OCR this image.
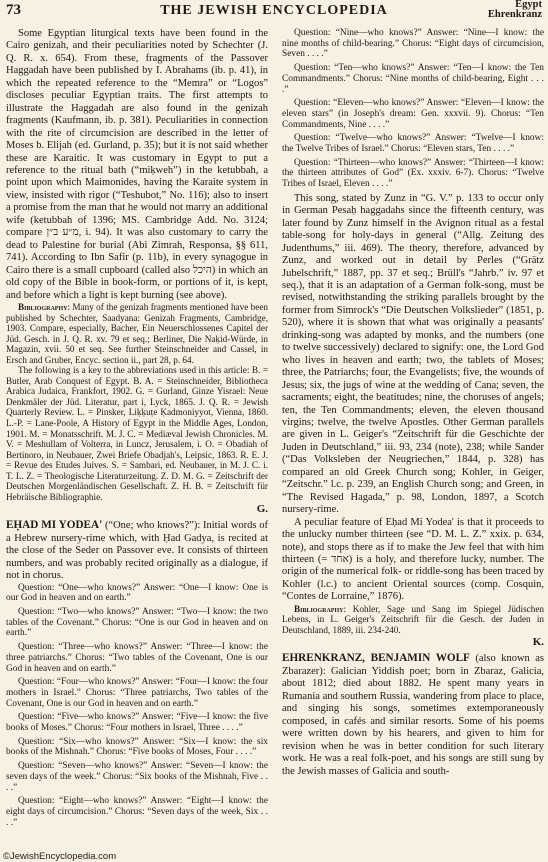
73	THE JEWISH ENCYCLOPEDIA	Egypt
Ehrenkranz

Some Egyptian liturgical texts have been found in the Cairo genizah, and their peculiarities noted by Schechter (J. Q. R. x. 654). From these, fragments of the Passover Haggadah have been published by I. Abrahams (ib. p. 41), in which the repeated reference to the “Memra” or “Logos” discloses peculiar Egyptian traits. The first attempts to illustrate the Haggadah are also found in the genizah fragments (Kaufmann, ib. p. 381). Peculiarities in connection with the rite of circumcision are described in the letter of Moses b. Elijah (ed. Gurland, p. 35); but it is not said whether these are Karaitic. It was customary in Egypt to put a reference to the ritual bath (“miḳweh”) in the ketubbah, a point upon which Maimonides, having the Karaite system in view, insisted with rigor (“Teshubot,” No. 116); also to insert a promise from the man that he would not marry an additional wife (ketubbah of 1396; MS. Cambridge Add. No. 3124; compare מ״ע ב״ן, i. 94). It was also customary to carry the dead to Palestine for burial (Abi Zimrah, Responsa, §§ 611, 741). According to Ibn Safir (p. 11b), in every synagogue in Cairo there is a small cupboard (called also היכל) in which an old copy of the Bible in book-form, or portions of it, is kept, and before which a light is kept burning (see above).

Bibliography: Many of the genizah fragments mentioned have been published by Schechter, Saadyana: Genizah Fragments, Cambridge, 1903. Compare, especially, Bacher, Ein Neuerschlossenes Capitel der Jüd. Gesch. in J. Q. R. xv. 79 et seq.; Berliner, Die Naḳid-Würde, in Magazin, xvii. 50 et seq. See further Steinschneider and Cassel, in Ersch and Gruber, Encyc. section ii., part 28, p. 64.

The following is a key to the abbreviations used in this article: B. = Butler, Arab Conquest of Egypt. B. A. = Steinschneider, Bibliotheca Arabica Judaica, Frankfort, 1902. G. = Gurland, Ginze Yisrael: Neue Denkmäler der Jüd. Literatur, part i, Lyck, 1865. J. Q. R. = Jewish Quarterly Review. L. = Pinsker, Liḳḳuṭe Ḳadmoniyyot, Vienna, 1860. L.-P. = Lane-Poole, A History of Egypt in the Middle Ages, London, 1901. M. = Monatsschrift. M. J. C. = Mediæval Jewish Chronicles. M. V. = Meshullam of Volterra, in Luncz, Jerusalem, i. O. = Obadiah of Bertinoro, in Neubauer, Zwei Briefe Obadjah's, Leipsic, 1863. R. E. J. = Revue des Etudes Juives. S. = Sambari, ed. Neubauer, in M. J. C. i. T. L. Z. = Theologische Literaturzeitung. Z. D. M. G. = Zeitschrift der Deutschen Morgenländischen Gesellschaft. Z. H. B. = Zeitschrift für Hebräische Bibliographie.

G.

EḤAD MI YODEA' (“One; who knows?”): Initial words of a Hebrew nursery-rime which, with Ḥad Gadya, is recited at the close of the Seder on Passover eve. It consists of thirteen numbers, and was probably recited originally as a dialogue, if not in chorus.

Question: “One—who knows?” Answer: “One—I know: One is our God in heaven and on earth.”

Question: “Two—who knows?” Answer: “Two—I know: the two tables of the Covenant.” Chorus: “One is our God in heaven and on earth.”

Question: “Three—who knows?” Answer: “Three—I know: the three patriarchs.” Chorus: “Two tables of the Covenant, One is our God in heaven and on earth.”

Question: “Four—who knows?” Answer: “Four—I know: the four mothers in Israel.” Chorus: “Three patriarchs, Two tables of the Covenant, One is our God in heaven and on earth.”

Question: “Five—who knows?” Answer: “Five—I know: the five books of Moses.” Chorus: “Four mothers in Israel, Three . . . .”

Question: “Six—who knows?” Answer: “Six—I know: the six books of the Mishnah.” Chorus: “Five books of Moses, Four . . . .”

Question: “Seven—who knows?” Answer: “Seven—I know: the seven days of the week.” Chorus: “Six books of the Mishnah, Five . . . .”

Question: “Eight—who knows?” Answer: “Eight—I know: the eight days of circumcision.” Chorus: “Seven days of the week, Six . . . .”

Question: “Nine—who knows?” Answer: “Nine—I know: the nine months of child-bearing.” Chorus: “Eight days of circumcision, Seven . . . .”

Question: “Ten—who knows?” Answer: “Ten—I know: the Ten Commandments.” Chorus: “Nine months of child-bearing, Eight . . . .”

Question: “Eleven—who knows?” Answer: “Eleven—I know: the eleven stars” (in Joseph's dream: Gen. xxxvii. 9). Chorus: “Ten Commandments, Nine . . . .”

Question: “Twelve—who knows?” Answer: “Twelve—I know: the Twelve Tribes of Israel.” Chorus: “Eleven stars, Ten . . . .”

Question: “Thirteen—who knows?” Answer: “Thirteen—I know: the thirteen attributes of God” (Ex. xxxiv. 6-7). Chorus: “Twelve Tribes of Israel, Eleven . . . .”

This song, stated by Zunz in “G. V.” p. 133 to occur only in German Pesaḥ haggadahs since the fifteenth century, was later found by Zunz himself in the Avignon ritual as a festal table-song for holy-days in general (“Allg. Zeitung des Judenthums,” iii. 469). The theory, therefore, advanced by Zunz, and worked out in detail by Perles (“Grätz Jubelschrift,” 1887, pp. 37 et seq.; Brüll's “Jahrb.” iv. 97 et seq.), that it is an adaptation of a German folk-song, must be revised, notwithstanding the striking parallels brought by the former from Simrock's “Die Deutschen Volkslieder” (1851, p. 520), where it is shown that what was originally a peasants' drinking-song was adapted by monks, and the numbers (one to twelve successively) declared to signify: one, the Lord God who lives in heaven and earth; two, the tablets of Moses; three, the Patriarchs; four, the Evangelists; five, the wounds of Jesus; six, the jugs of wine at the wedding of Cana; seven, the sacraments; eight, the beatitudes; nine, the choruses of angels; ten, the Ten Commandments; eleven, the eleven thousand virgins; twelve, the twelve Apostles. Other German parallels are given in L. Geiger's “Zeitschrift für die Geschichte der Juden in Deutschland,” iii. 93, 234 (note), 238; while Sander (“Das Volksleben der Neugriechen,” 1844, p. 328) has compared an old Greek Church song; Kohler, in Geiger, “Zeitschr.” l.c. p. 239, an English Church song; and Green, in “The Revised Hagada,” p. 98, London, 1897, a Scotch nursery-rime.

A peculiar feature of Eḥad Mi Yodea' is that it proceeds to the unlucky number thirteen (see “D. M. L. Z.” xxix. p. 634, note), and stops there as if to make the Jew feel that with him thirteen (= אחד) is a holy, and therefore lucky, number. The origin of the numerical folk- or riddle-song has been traced by Kohler (l.c.) to ancient Oriental sources (comp. Cosquin, “Contes de Lorraine,” 1876).

Bibliography: Kohler, Sage und Sang im Spiegel Jüdischen Lebens, in L. Geiger's Zeitschrift für die Gesch. der Juden in Deutschland, 1889, iii. 234-240.

K.

EHRENKRANZ, BENJAMIN WOLF (also known as Zbarazer): Galician Yiddish poet; born in Zbaraz, Galicia, about 1812; died about 1882. He spent many years in Rumania and southern Russia, wandering from place to place, and singing his songs, sometimes extemporaneously composed, in cafés and similar resorts. Some of his poems were written down by his hearers, and given to him for revision when he was in better condition for such literary work. He was a real folk-poet, and his songs are still sung by the Jewish masses of Galicia and south-

©JewishEncyclopedia.com
